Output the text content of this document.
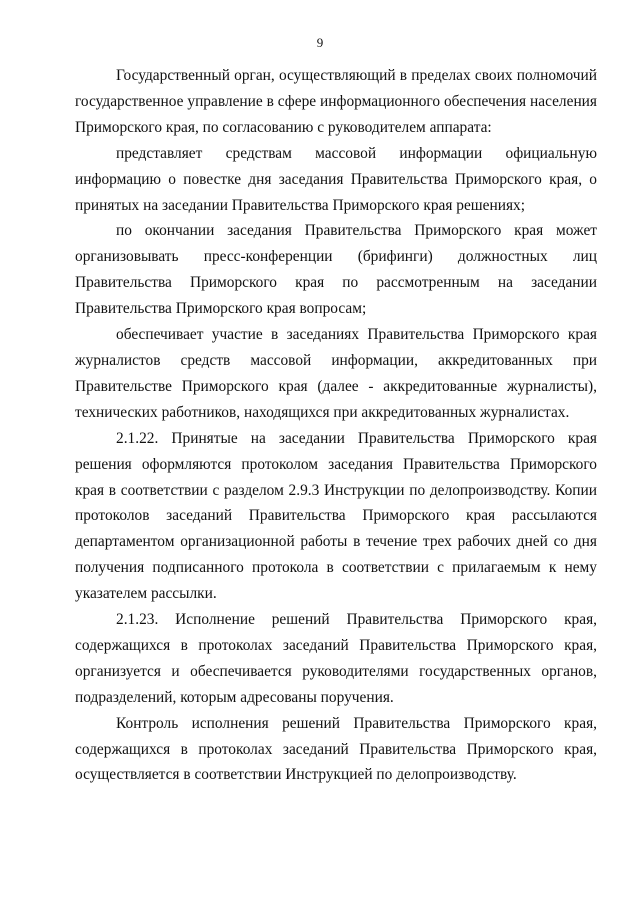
9

Государственный орган, осуществляющий в пределах своих полномочий государственное управление в сфере информационного обеспечения населения Приморского края, по согласованию с руководителем аппарата:

представляет средствам массовой информации официальную информацию о повестке дня заседания Правительства Приморского края, о принятых на заседании Правительства Приморского края решениях;

по окончании заседания Правительства Приморского края может организовывать пресс-конференции (брифинги) должностных лиц Правительства Приморского края по рассмотренным на заседании Правительства Приморского края вопросам;

обеспечивает участие в заседаниях Правительства Приморского края журналистов средств массовой информации, аккредитованных при Правительстве Приморского края (далее - аккредитованные журналисты), технических работников, находящихся при аккредитованных журналистах.

2.1.22. Принятые на заседании Правительства Приморского края решения оформляются протоколом заседания Правительства Приморского края в соответствии с разделом 2.9.3 Инструкции по делопроизводству. Копии протоколов заседаний Правительства Приморского края рассылаются департаментом организационной работы в течение трех рабочих дней со дня получения подписанного протокола в соответствии с прилагаемым к нему указателем рассылки.

2.1.23. Исполнение решений Правительства Приморского края, содержащихся в протоколах заседаний Правительства Приморского края, организуется и обеспечивается руководителями государственных органов, подразделений, которым адресованы поручения.

Контроль исполнения решений Правительства Приморского края, содержащихся в протоколах заседаний Правительства Приморского края, осуществляется в соответствии Инструкцией по делопроизводству.
